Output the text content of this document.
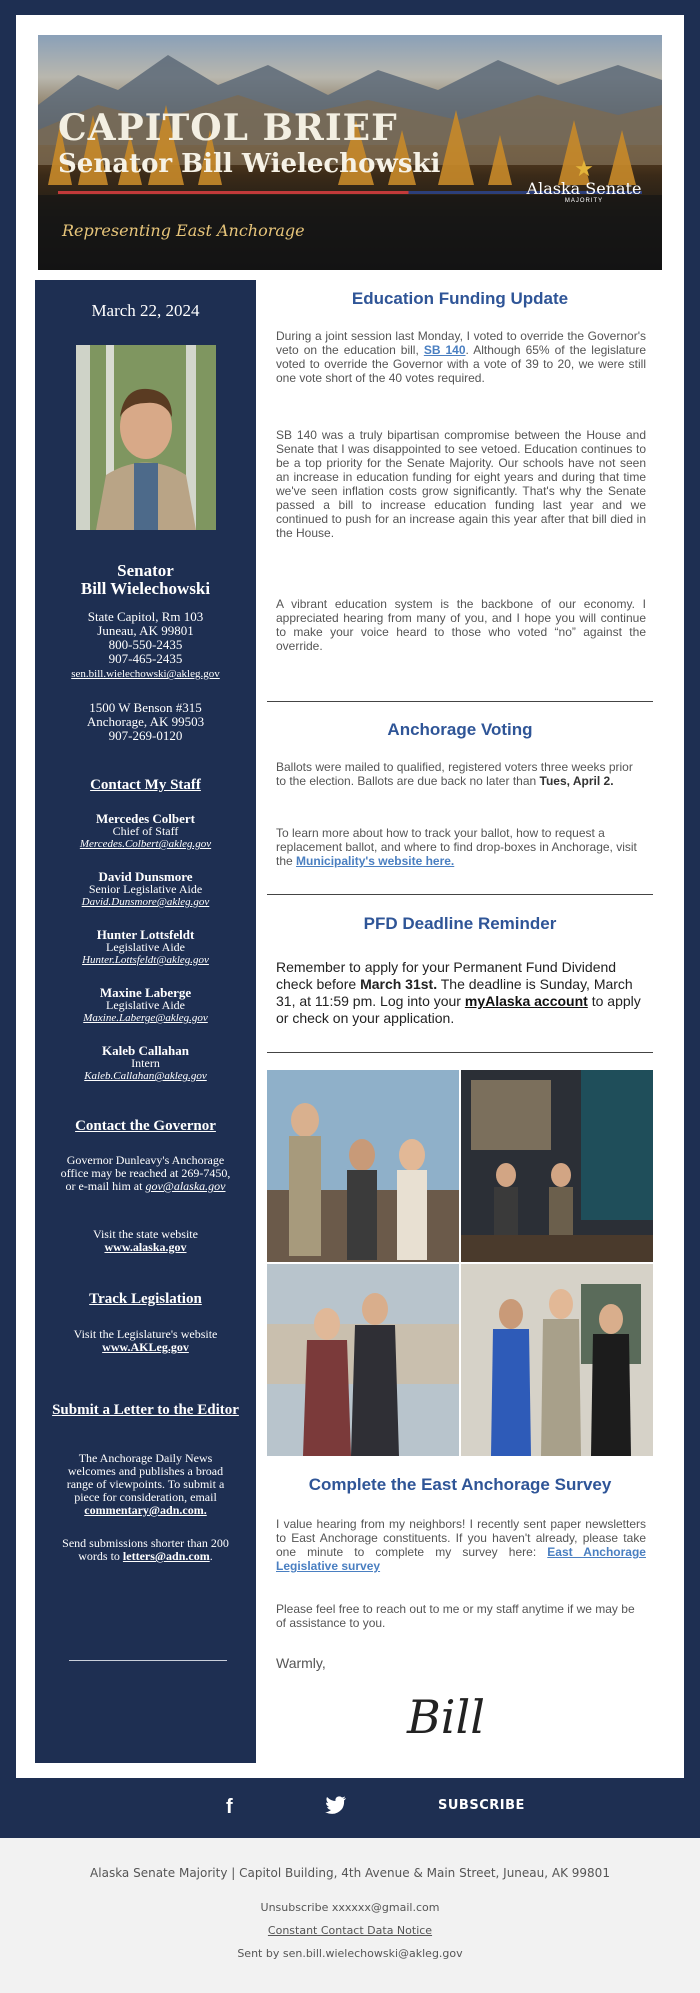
CAPITOL BRIEF
Senator Bill Wielechowski
Representing East Anchorage
★
Alaska Senate
MAJORITY
March 22, 2024
Senator
Bill Wielechowski
State Capitol, Rm 103
Juneau, AK 99801
800-550-2435
907-465-2435
sen.bill.wielechowski@akleg.gov
1500 W Benson #315
Anchorage, AK 99503
907-269-0120
Contact My Staff
Mercedes Colbert
Chief of Staff
Mercedes.Colbert@akleg.gov
David Dunsmore
Senior Legislative Aide
David.Dunsmore@akleg.gov
Hunter Lottsfeldt
Legislative Aide
Hunter.Lottsfeldt@akleg.gov
Maxine Laberge
Legislative Aide
Maxine.Laberge@akleg.gov
Kaleb Callahan
Intern
Kaleb.Callahan@akleg.gov
Contact the Governor
Governor Dunleavy's Anchorage office may be reached at 269-7450, or e-mail him at gov@alaska.gov
Visit the state website
www.alaska.gov
Track Legislation
Visit the Legislature's website
www.AKLeg.gov
Submit a Letter to the Editor
The Anchorage Daily News welcomes and publishes a broad range of viewpoints. To submit a piece for consideration, email commentary@adn.com.
Send submissions shorter than 200 words to letters@adn.com.
Education Funding Update
During a joint session last Monday, I voted to override the Governor's veto on the education bill, SB 140. Although 65% of the legislature voted to override the Governor with a vote of 39 to 20, we were still one vote short of the 40 votes required.
SB 140 was a truly bipartisan compromise between the House and Senate that I was disappointed to see vetoed. Education continues to be a top priority for the Senate Majority. Our schools have not seen an increase in education funding for eight years and during that time we've seen inflation costs grow significantly. That's why the Senate passed a bill to increase education funding last year and we continued to push for an increase again this year after that bill died in the House.
A vibrant education system is the backbone of our economy. I appreciated hearing from many of you, and I hope you will continue to make your voice heard to those who voted “no” against the override.
Anchorage Voting
Ballots were mailed to qualified, registered voters three weeks prior to the election. Ballots are due back no later than Tues, April 2.
To learn more about how to track your ballot, how to request a replacement ballot, and where to find drop-boxes in Anchorage, visit the Municipality's website here.
PFD Deadline Reminder
Remember to apply for your Permanent Fund Dividend check before March 31st. The deadline is Sunday, March 31, at 11:59 pm. Log into your myAlaska account to apply or check on your application.
Complete the East Anchorage Survey
I value hearing from my neighbors! I recently sent paper newsletters to East Anchorage constituents. If you haven't already, please take one minute to complete my survey here: East Anchorage Legislative survey
Please feel free to reach out to me or my staff anytime if we may be of assistance to you.
Warmly,
Bill
f	SUBSCRIBE
Alaska Senate Majority | Capitol Building, 4th Avenue & Main Street, Juneau, AK 99801
Unsubscribe xxxxxx@gmail.com
Constant Contact Data Notice
Sent by sen.bill.wielechowski@akleg.gov
